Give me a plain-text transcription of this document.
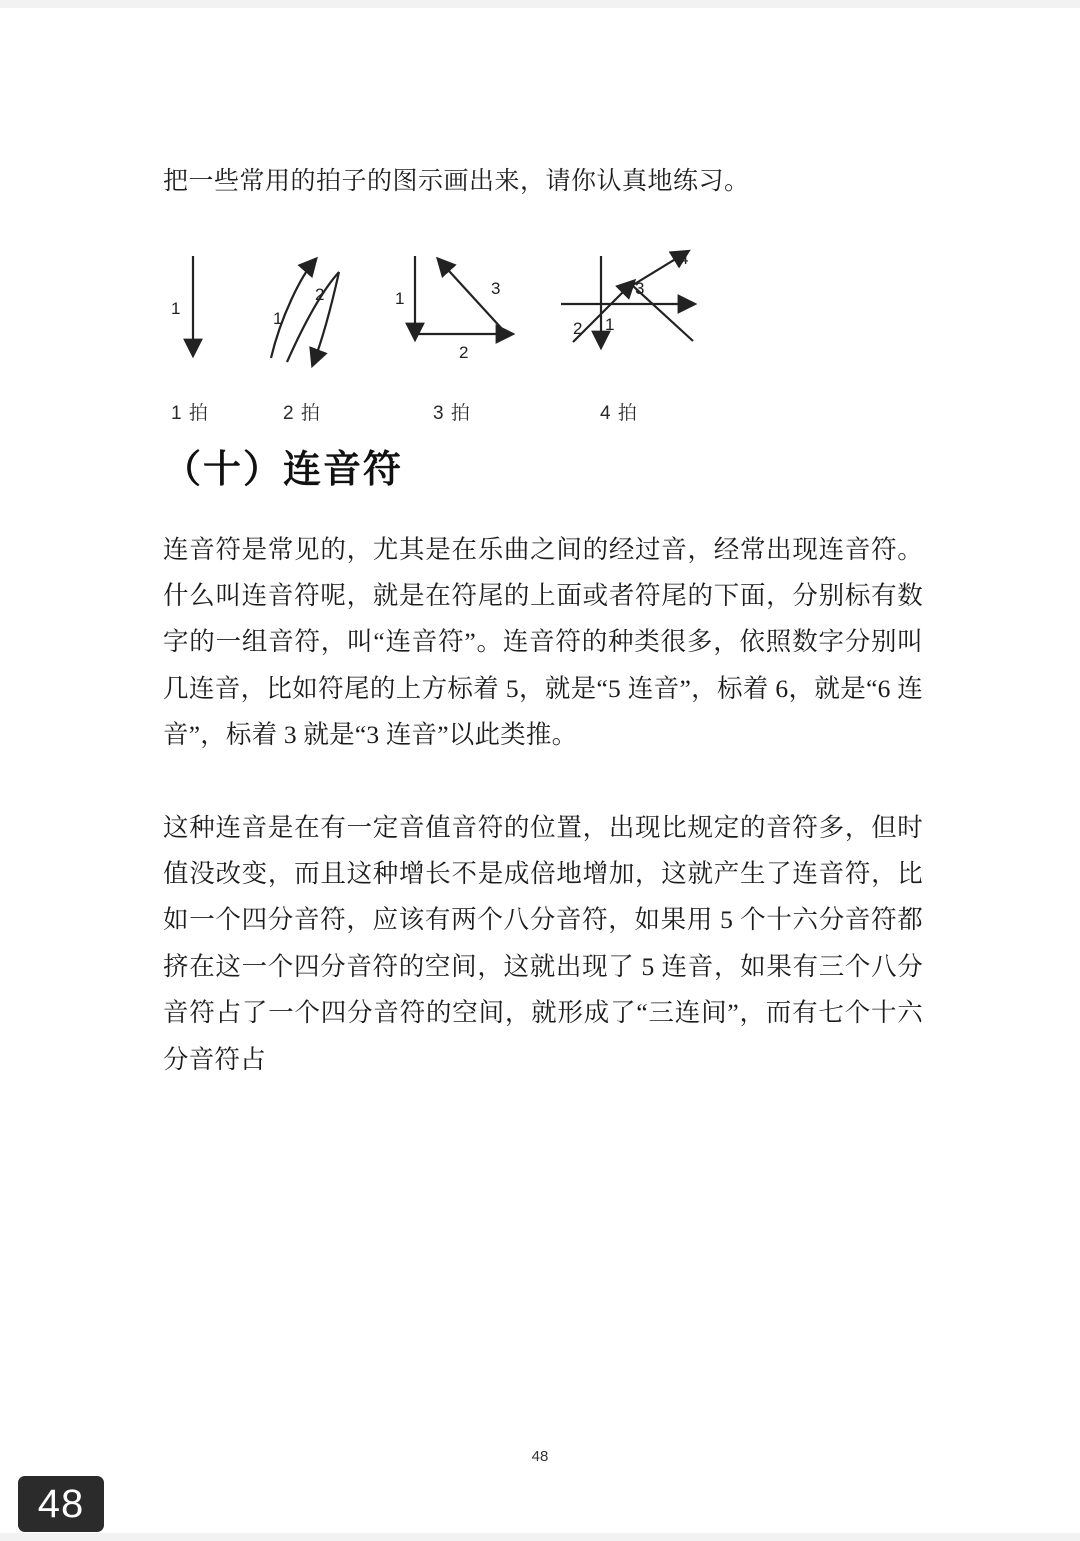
把一些常用的拍子的图示画出来，请你认真地练习。
1
1
2	1
2
3
2 1
3
4
1 拍	2 拍	3 拍	4 拍
（十）连音符

连音符是常见的，尤其是在乐曲之间的经过音，经常出现连音符。什么叫连音符呢，就是在符尾的上面或者符尾的下面，分别标有数字的一组音符，叫“连音符”。连音符的种类很多，依照数字分别叫几连音，比如符尾的上方标着 5，就是“5 连音”，标着 6，就是“6 连音”，标着 3 就是“3 连音”以此类推。

这种连音是在有一定音值音符的位置，出现比规定的音符多，但时值没改变，而且这种增长不是成倍地增加，这就产生了连音符，比如一个四分音符，应该有两个八分音符，如果用 5 个十六分音符都挤在这一个四分音符的空间，这就出现了 5 连音，如果有三个八分音符占了一个四分音符的空间，就形成了“三连间”，而有七个十六分音符占

48
48
